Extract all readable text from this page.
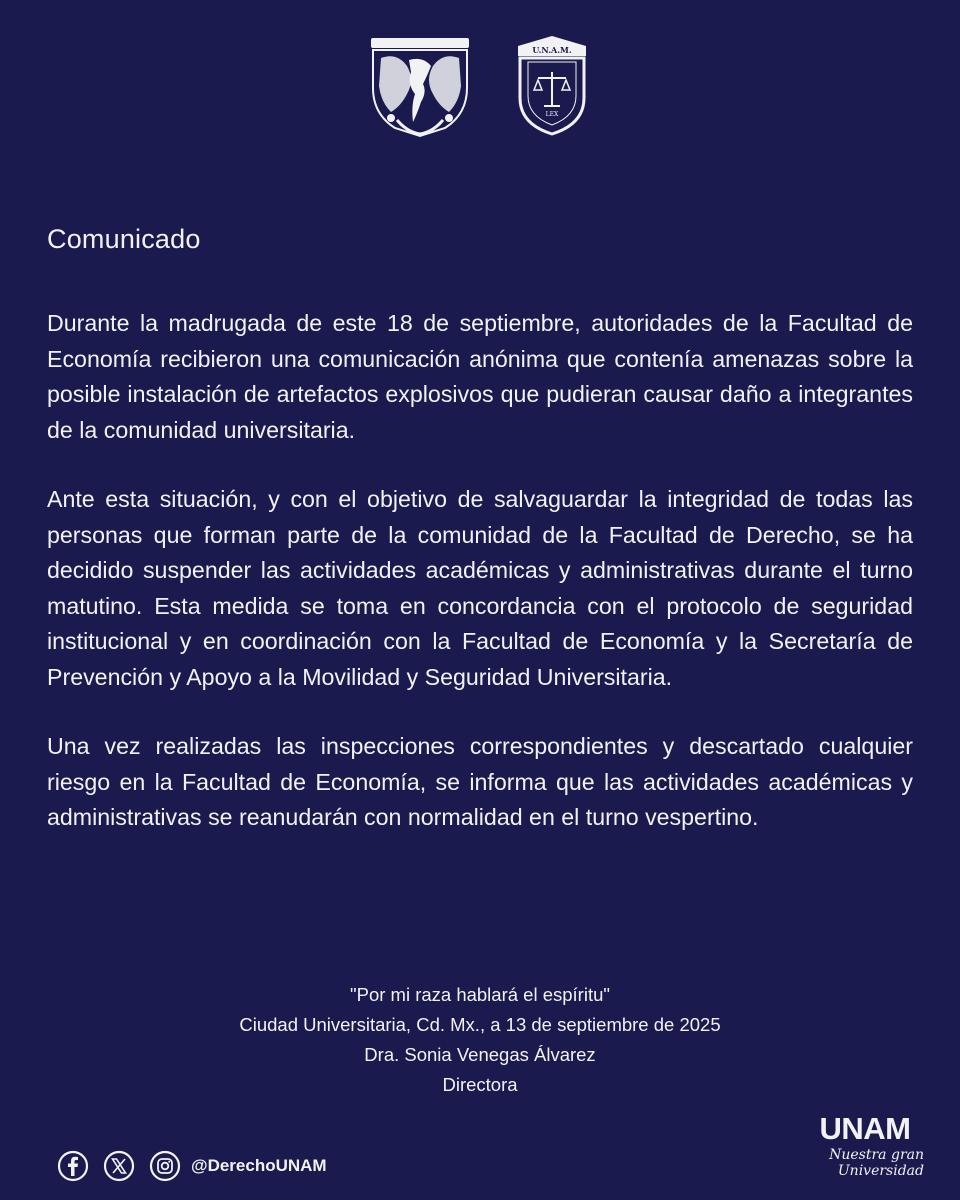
U.N.A.M.
LEX
Comunicado

Durante la madrugada de este 18 de septiembre, autoridades de la Facultad de Economía recibieron una comunicación anónima que contenía amenazas sobre la posible instalación de artefactos explosivos que pudieran causar daño a integrantes de la comunidad universitaria.

Ante esta situación, y con el objetivo de salvaguardar la integridad de todas las personas que forman parte de la comunidad de la Facultad de Derecho, se ha decidido suspender las actividades académicas y administrativas durante el turno matutino. Esta medida se toma en concordancia con el protocolo de seguridad institucional y en coordinación con la Facultad de Economía y la Secretaría de Prevención y Apoyo a la Movilidad y Seguridad Universitaria.

Una vez realizadas las inspecciones correspondientes y descartado cualquier riesgo en la Facultad de Economía, se informa que las actividades académicas y administrativas se reanudarán con normalidad en el turno vespertino.

"Por mi raza hablará el espíritu"
Ciudad Universitaria, Cd. Mx., a 13 de septiembre de 2025
Dra. Sonia Venegas Álvarez
Directora
@DerechoUNAM
UNAM
Nuestra gran
Universidad
